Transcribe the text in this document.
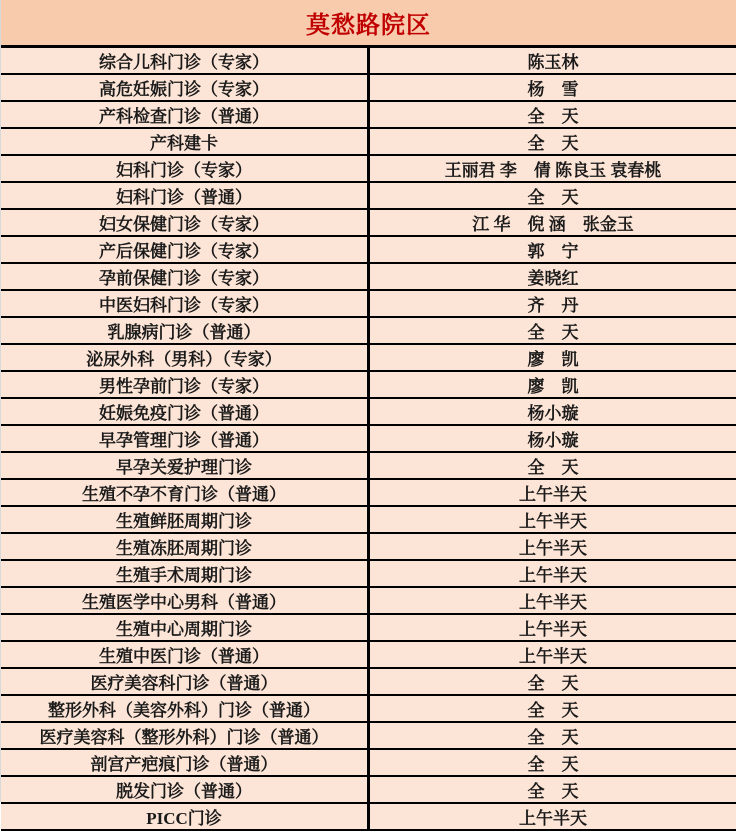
莫愁路院区	
综合儿科门诊（专家）	陈玉林
高危妊娠门诊（专家）	杨　雪
产科检查门诊（普通）	全　天
产科建卡	全　天
妇科门诊（专家）	王丽君 李　倩 陈良玉 袁春桃
妇科门诊（普通）	全　天
妇女保健门诊（专家）	江 华　倪 涵　张金玉
产后保健门诊（专家）	郭　宁
孕前保健门诊（专家）	姜晓红
中医妇科门诊（专家）	齐　丹
乳腺病门诊（普通）	全　天
泌尿外科（男科）（专家）	廖　凯
男性孕前门诊（专家）	廖　凯
妊娠免疫门诊（普通）	杨小璇
早孕管理门诊（普通）	杨小璇
早孕关爱护理门诊	全　天
生殖不孕不育门诊（普通）	上午半天
生殖鲜胚周期门诊	上午半天
生殖冻胚周期门诊	上午半天
生殖手术周期门诊	上午半天
生殖医学中心男科（普通）	上午半天
生殖中心周期门诊	上午半天
生殖中医门诊（普通）	上午半天
医疗美容科门诊（普通）	全　天
整形外科（美容外科）门诊（普通）	全　天
医疗美容科（整形外科）门诊（普通）	全　天
剖宫产疤痕门诊（普通）	全　天
脱发门诊（普通）	全　天
PICC门诊	上午半天
